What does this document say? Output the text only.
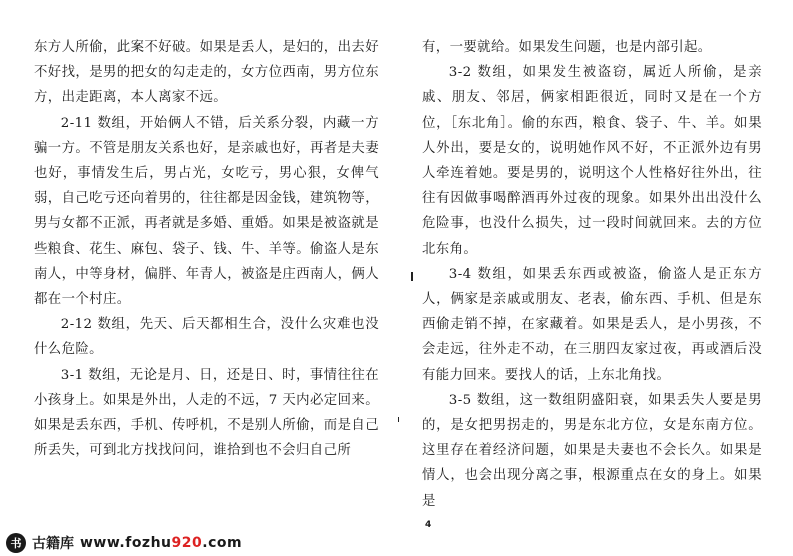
东方人所偷，此案不好破。如果是丢人，是妇的，出去好不好找，是男的把女的勾走走的，女方位西南，男方位东方，出走距离，本人离家不远。

2-11 数组，开始俩人不错，后关系分裂，内藏一方骗一方。不管是朋友关系也好，是亲戚也好，再者是夫妻也好，事情发生后，男占光，女吃亏，男心狠，女俾气弱，自己吃亏还向着男的，往往都是因金钱，建筑物等，男与女都不正派，再者就是多婚、重婚。如果是被盗就是些粮食、花生、麻包、袋子、钱、牛、羊等。偷盗人是东南人，中等身材，偏胖、年青人，被盗是庄西南人，俩人都在一个村庄。

2-12 数组，先天、后天都相生合，没什么灾难也没什么危险。

3-1 数组，无论是月、日，还是日、时，事情往往在小孩身上。如果是外出，人走的不远，7 天内必定回来。如果是丢东西，手机、传呼机，不是别人所偷，而是自己所丢失，可到北方找找问问，谁拾到也不会归自己所

有，一要就给。如果发生问题，也是内部引起。

3-2 数组，如果发生被盗窃，属近人所偷，是亲戚、朋友、邻居，俩家相距很近，同时又是在一个方位，［东北角］。偷的东西，粮食、袋子、牛、羊。如果人外出，要是女的，说明她作风不好，不正派外边有男人牵连着她。要是男的，说明这个人性格好往外出，往往有因做事喝醉酒再外过夜的现象。如果外出出没什么危险事，也没什么损失，过一段时间就回来。去的方位北东角。

3-4 数组，如果丢东西或被盗，偷盗人是正东方人，俩家是亲戚或朋友、老表，偷东西、手机、但是东西偷走销不掉，在家藏着。如果是丢人，是小男孩，不会走远，往外走不动，在三朋四友家过夜，再或酒后没有能力回来。要找人的话，上东北角找。

3-5 数组，这一数组阴盛阳衰，如果丢失人要是男的，是女把男拐走的，男是东北方位，女是东南方位。这里存在着经济问题，如果是夫妻也不会长久。如果是情人，也会出现分离之事，根源重点在女的身上。如果是

4
书 古籍库 www.fozhu920.com
